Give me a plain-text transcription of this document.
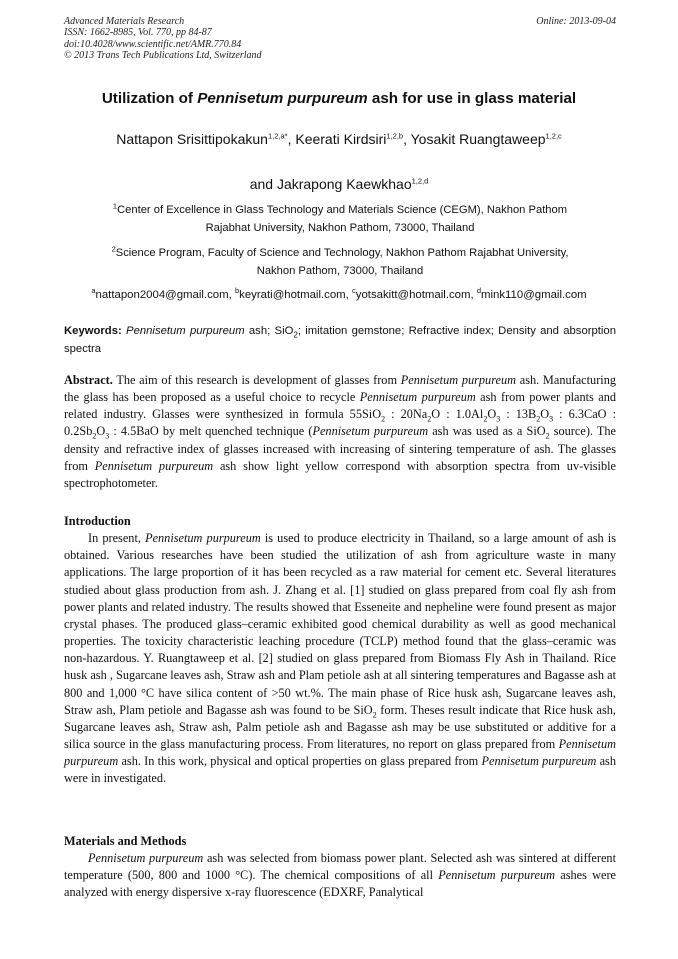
Advanced Materials Research
ISSN: 1662-8985, Vol. 770, pp 84-87
doi:10.4028/www.scientific.net/AMR.770.84
© 2013 Trans Tech Publications Ltd, Switzerland
Online: 2013-09-04
Utilization of Pennisetum purpureum ash for use in glass material
Nattapon Srisittipokakun$^{1,2,a*}$, Keerati Kirdsiri$^{1,2,b}$, Yosakit Ruangtaweep$^{1,2,c}$
and Jakrapong Kaewkhao$^{1,2,d}$
$^1$Center of Excellence in Glass Technology and Materials Science (CEGM), Nakhon Pathom
Rajabhat University, Nakhon Pathom, 73000, Thailand
$^2$Science Program, Faculty of Science and Technology, Nakhon Pathom Rajabhat University,
Nakhon Pathom, 73000, Thailand
$^a$nattapon2004@gmail.com, $^b$keyrati@hotmail.com, $^c$yotsakitt@hotmail.com, $^d$mink110@gmail.com
Keywords: Pennisetum purpureum ash; SiO$_2$; imitation gemstone; Refractive index; Density and absorption spectra

Abstract. The aim of this research is development of glasses from Pennisetum purpureum ash. Manufacturing the glass has been proposed as a useful choice to recycle Pennisetum purpureum ash from power plants and related industry. Glasses were synthesized in formula 55SiO$_2$ : $20Na_2O$ : $1.0Al_2O_3$ : $13B_2O_3$ : 6.3CaO : $0.2Sb_2O_3$ : 4.5BaO by melt quenched technique (Pennisetum purpureum ash was used as a SiO$_2$ source). The density and refractive index of glasses increased with increasing of sintering temperature of ash. The glasses from Pennisetum purpureum ash show light yellow correspond with absorption spectra from uv-visible spectrophotometer.

Introduction

In present, Pennisetum purpureum is used to produce electricity in Thailand, so a large amount of ash is obtained. Various researches have been studied the utilization of ash from agriculture waste in many applications. The large proportion of it has been recycled as a raw material for cement etc. Several literatures studied about glass production from ash. J. Zhang et al. [1] studied on glass prepared from coal fly ash from power plants and related industry. The results showed that Esseneite and nepheline were found present as major crystal phases. The produced glass–ceramic exhibited good chemical durability as well as good mechanical properties. The toxicity characteristic leaching procedure (TCLP) method found that the glass–ceramic was non-hazardous. Y. Ruangtaweep et al. [2] studied on glass prepared from Biomass Fly Ash in Thailand. Rice husk ash , Sugarcane leaves ash, Straw ash and Plam petiole ash at all sintering temperatures and Bagasse ash at 800 and 1,000 °C have silica content of >50 wt.%. The main phase of Rice husk ash, Sugarcane leaves ash, Straw ash, Plam petiole and Bagasse ash was found to be SiO$_2$ form. Theses result indicate that Rice husk ash, Sugarcane leaves ash, Straw ash, Palm petiole ash and Bagasse ash may be use substituted or additive for a silica source in the glass manufacturing process. From literatures, no report on glass prepared from Pennisetum purpureum ash. In this work, physical and optical properties on glass prepared from Pennisetum purpureum ash were in investigated.

Materials and Methods

Pennisetum purpureum ash was selected from biomass power plant. Selected ash was sintered at different temperature (500, 800 and 1000 °C). The chemical compositions of all Pennisetum purpureum ashes were analyzed with energy dispersive x-ray fluorescence (EDXRF, Panalytical
